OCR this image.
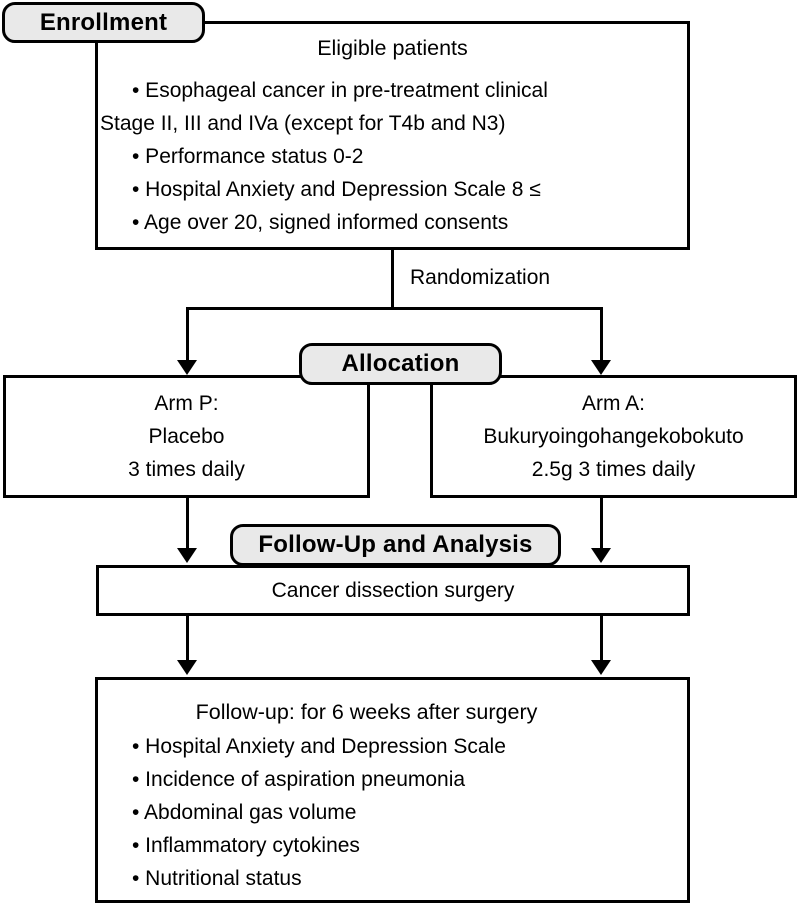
Eligible patients
• Esophageal cancer in pre-treatment clinical
Stage II, III and IVa (except for T4b and N3)
• Performance status 0-2
• Hospital Anxiety and Depression Scale 8 ≤
• Age over 20, signed informed consents
Enrollment
Randomization
Arm P:
Placebo
3 times daily
Arm A:
Bukuryoingohangekobokuto
2.5g 3 times daily
Allocation
Cancer dissection surgery
Follow-Up and Analysis
Follow-up: for 6 weeks after surgery
• Hospital Anxiety and Depression Scale
• Incidence of aspiration pneumonia
• Abdominal gas volume
• Inflammatory cytokines
• Nutritional status
